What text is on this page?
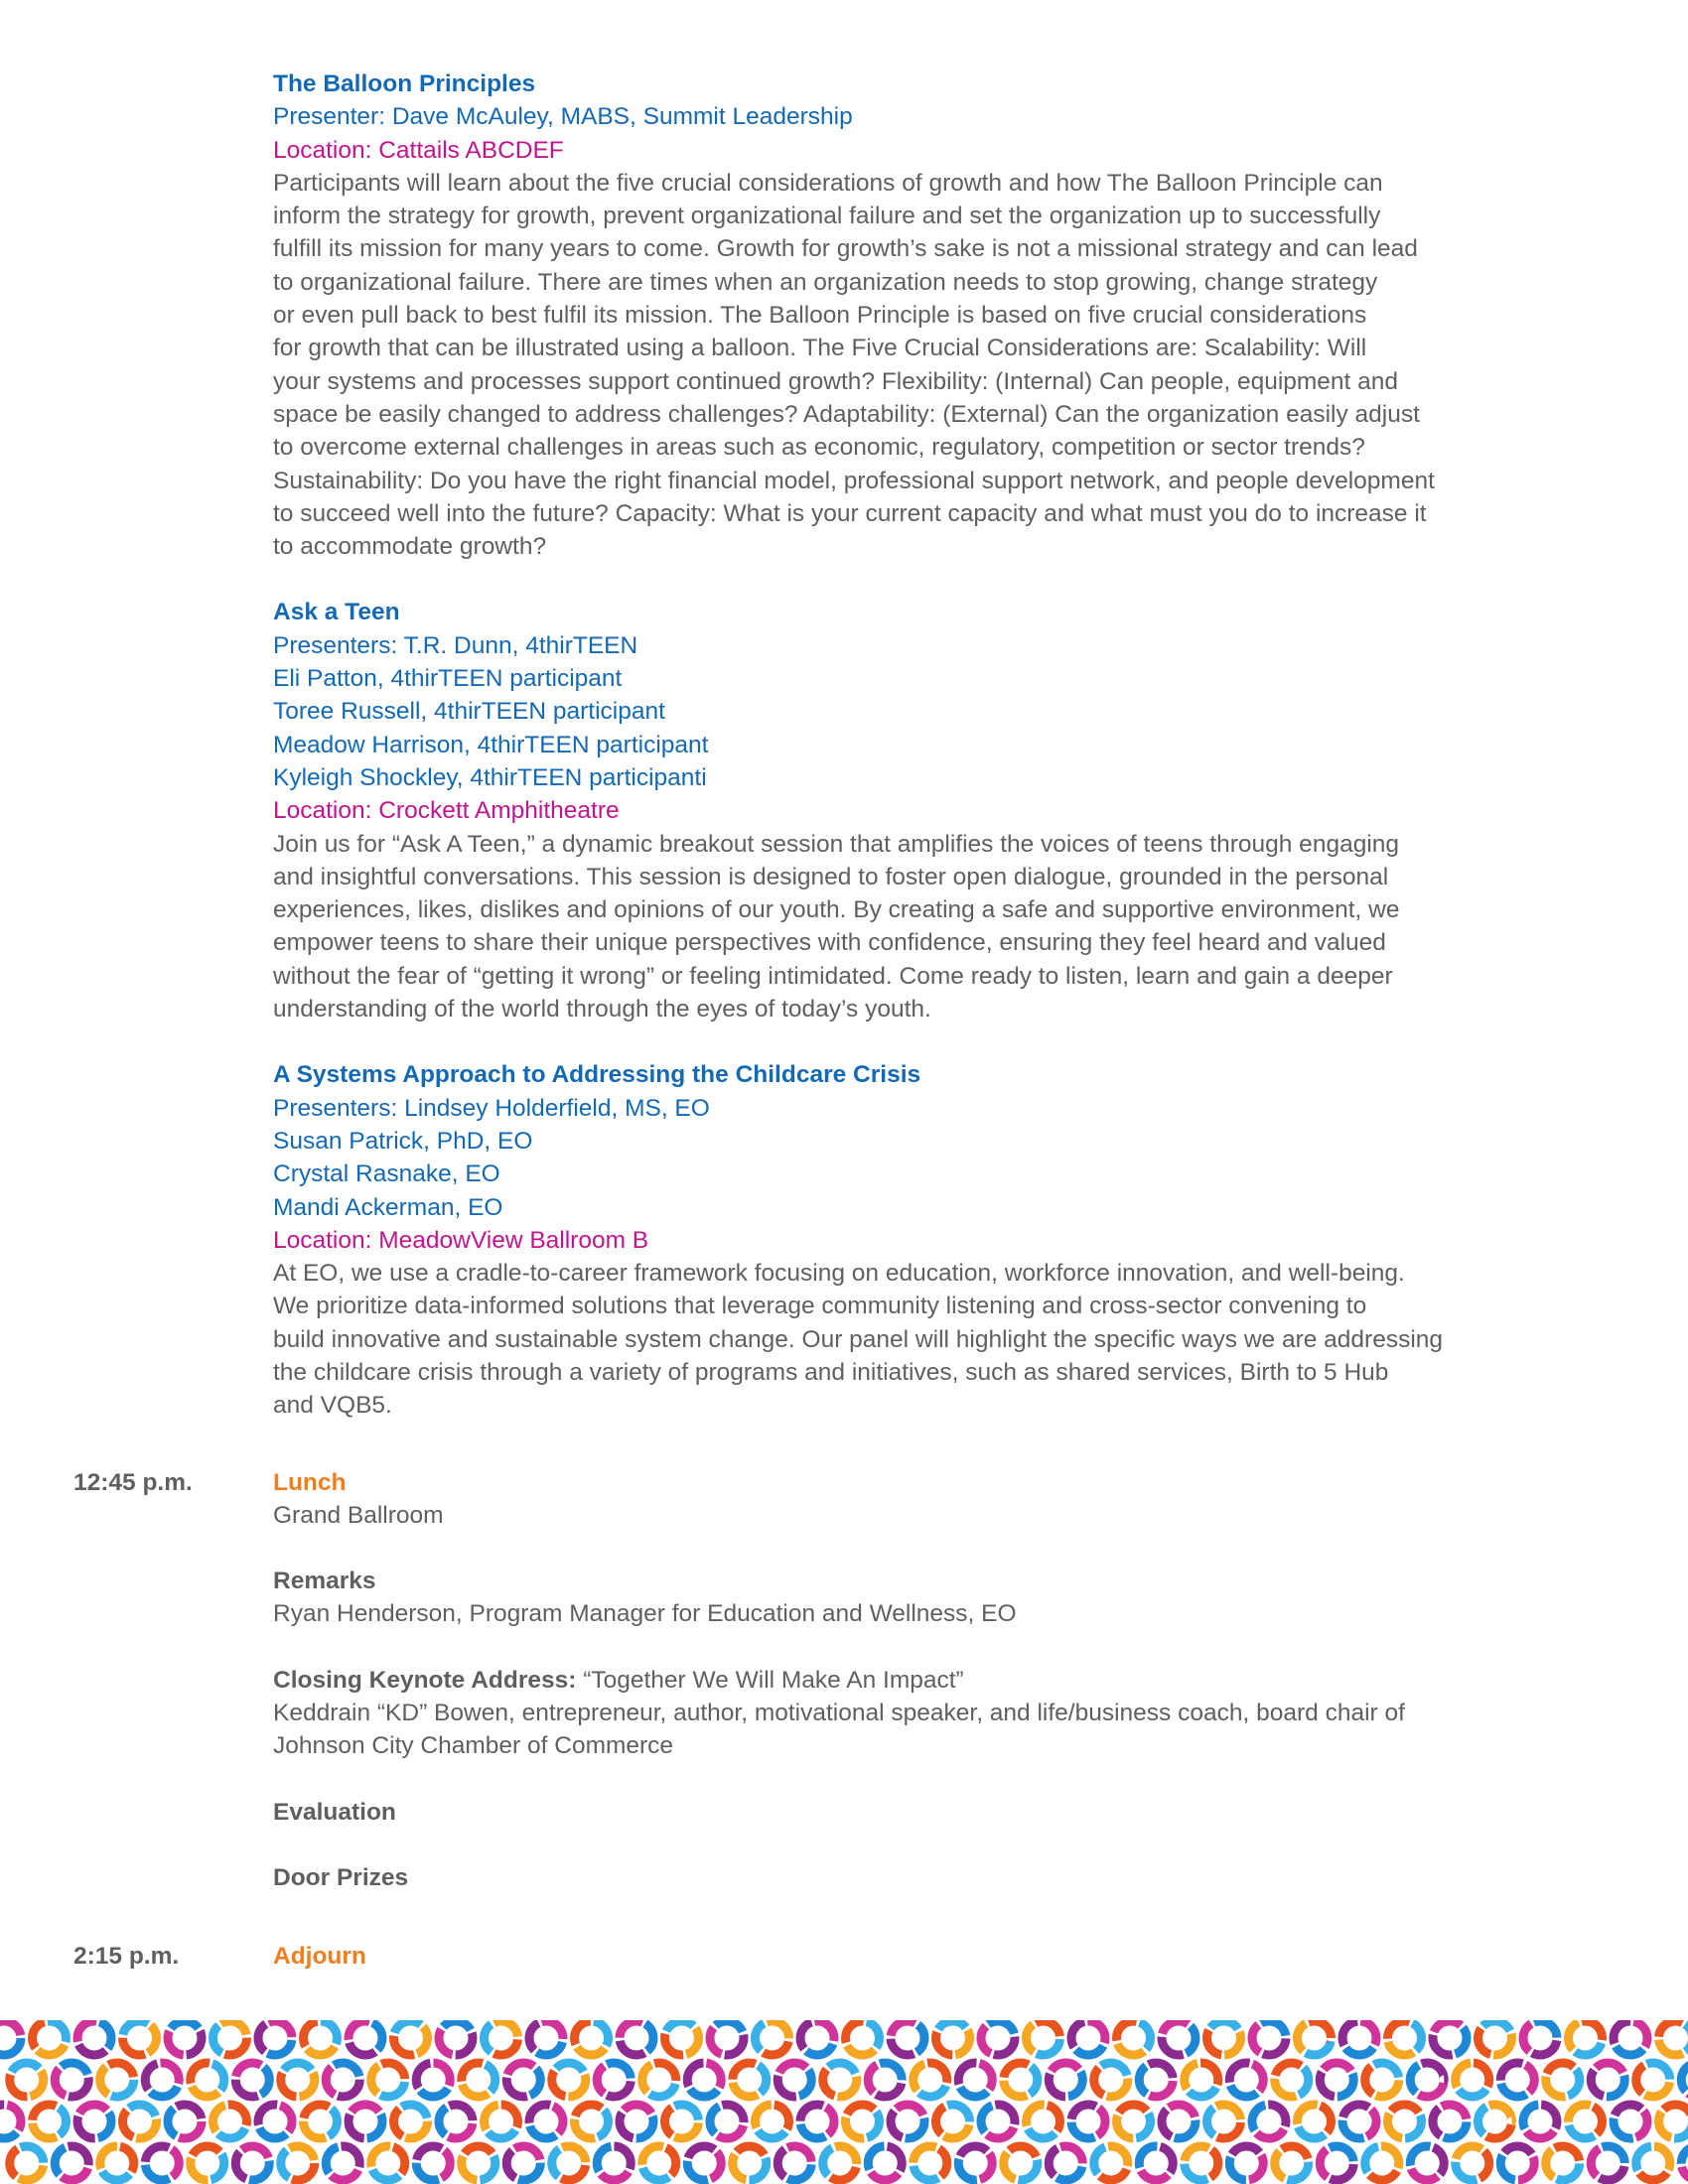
The Balloon Principles
Presenter: Dave McAuley, MABS, Summit Leadership
Location: Cattails ABCDEF
Participants will learn about the five crucial considerations of growth and how The Balloon Principle can
inform the strategy for growth, prevent organizational failure and set the organization up to successfully
fulfill its mission for many years to come. Growth for growth’s sake is not a missional strategy and can lead
to organizational failure. There are times when an organization needs to stop growing, change strategy
or even pull back to best fulfil its mission. The Balloon Principle is based on five crucial considerations
for growth that can be illustrated using a balloon. The Five Crucial Considerations are: Scalability: Will
your systems and processes support continued growth? Flexibility: (Internal) Can people, equipment and
space be easily changed to address challenges? Adaptability: (External) Can the organization easily adjust
to overcome external challenges in areas such as economic, regulatory, competition or sector trends?
Sustainability: Do you have the right financial model, professional support network, and people development
to succeed well into the future? Capacity: What is your current capacity and what must you do to increase it
to accommodate growth?
Ask a Teen
Presenters: T.R. Dunn, 4thirTEEN
Eli Patton, 4thirTEEN participant
Toree Russell, 4thirTEEN participant
Meadow Harrison, 4thirTEEN participant
Kyleigh Shockley, 4thirTEEN participanti
Location: Crockett Amphitheatre
Join us for “Ask A Teen,” a dynamic breakout session that amplifies the voices of teens through engaging
and insightful conversations. This session is designed to foster open dialogue, grounded in the personal
experiences, likes, dislikes and opinions of our youth. By creating a safe and supportive environment, we
empower teens to share their unique perspectives with confidence, ensuring they feel heard and valued
without the fear of “getting it wrong” or feeling intimidated. Come ready to listen, learn and gain a deeper
understanding of the world through the eyes of today’s youth.
A Systems Approach to Addressing the Childcare Crisis
Presenters: Lindsey Holderfield, MS, EO
Susan Patrick, PhD, EO
Crystal Rasnake, EO
Mandi Ackerman, EO
Location: MeadowView Ballroom B
At EO, we use a cradle-to-career framework focusing on education, workforce innovation, and well-being.
We prioritize data-informed solutions that leverage community listening and cross-sector convening to
build innovative and sustainable system change. Our panel will highlight the specific ways we are addressing
the childcare crisis through a variety of programs and initiatives, such as shared services, Birth to 5 Hub
and VQB5.
12:45 p.m.	Lunch
Grand Ballroom
Remarks
Ryan Henderson, Program Manager for Education and Wellness, EO
Closing Keynote Address: “Together We Will Make An Impact”
Keddrain “KD” Bowen, entrepreneur, author, motivational speaker, and life/business coach, board chair of
Johnson City Chamber of Commerce
Evaluation
Door Prizes
2:15 p.m.	Adjourn
